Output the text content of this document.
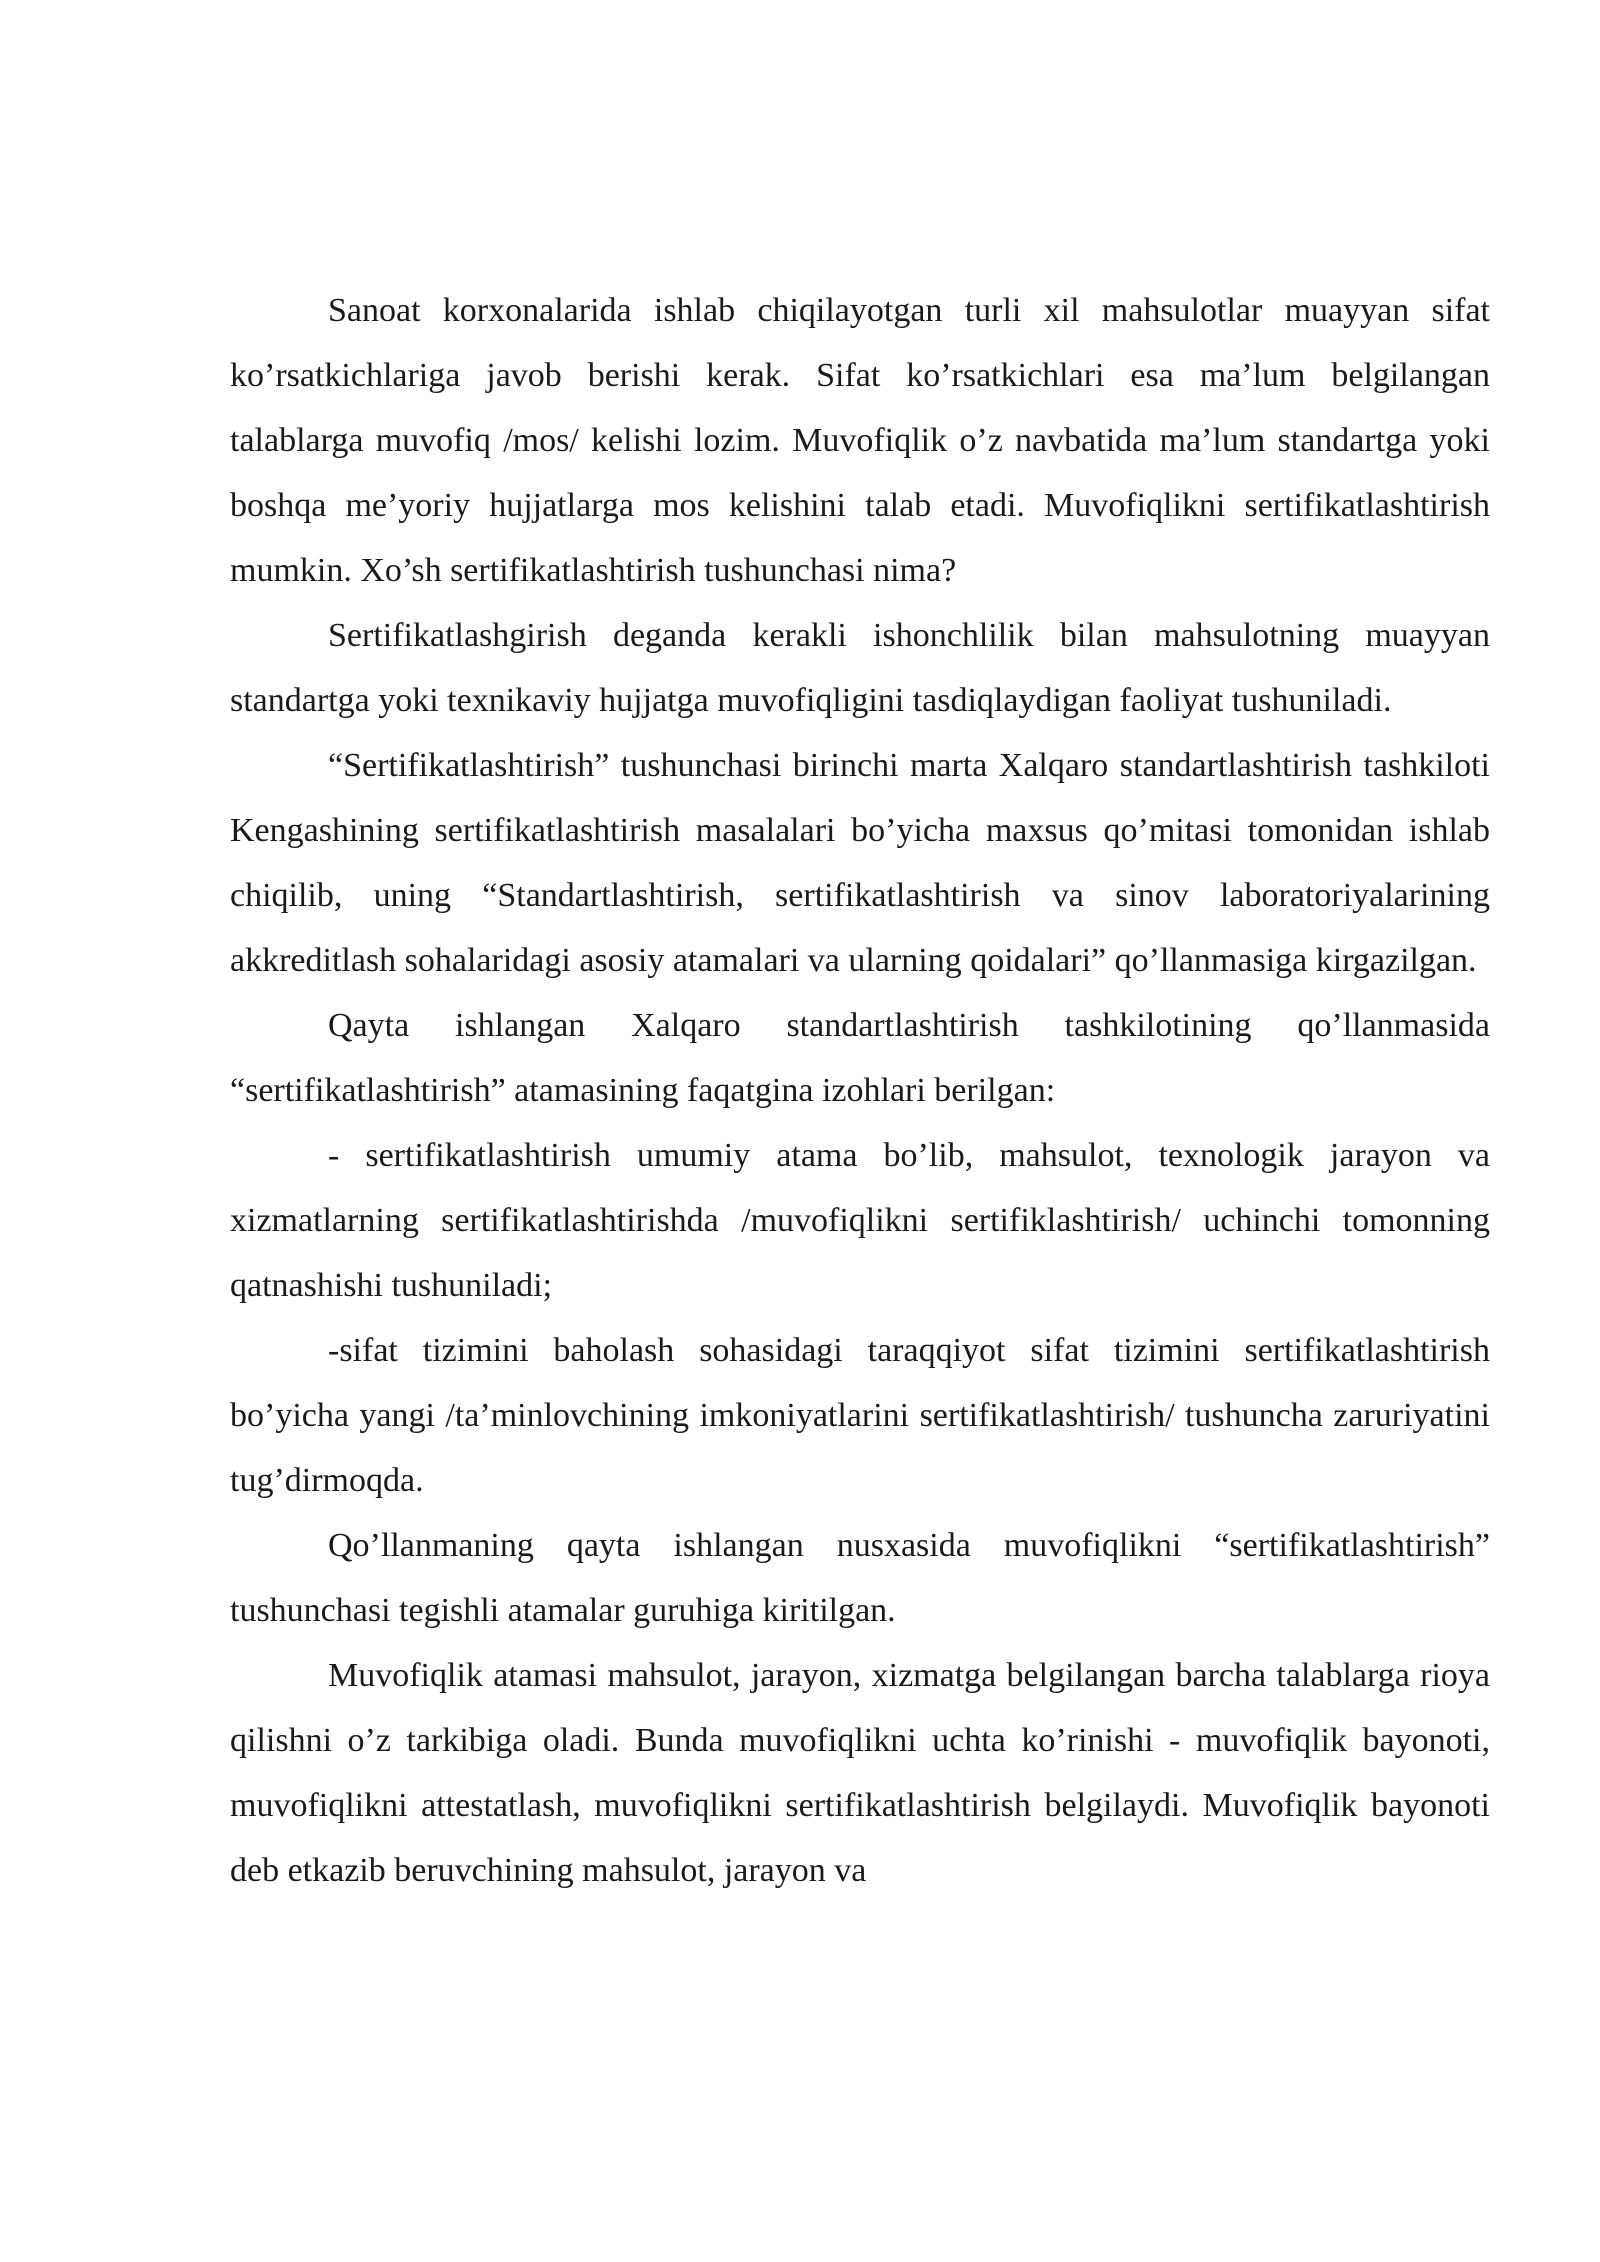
Sanoat korxonalarida ishlab chiqilayotgan turli xil mahsulotlar muayyan sifat ko’rsatkichlariga javob berishi kerak. Sifat ko’rsatkichlari esa ma’lum belgilangan talablarga muvofiq /mos/ kelishi lozim. Muvofiqlik o’z navbatida ma’lum standartga yoki boshqa me’yoriy hujjatlarga mos kelishini talab etadi. Muvofiqlikni sertifikatlashtirish mumkin. Xo’sh sertifikatlashtirish tushunchasi nima?

Sertifikatlashgirish deganda kerakli ishonchlilik bilan mahsulotning muayyan standartga yoki texnikaviy hujjatga muvofiqligini tasdiqlaydigan faoliyat tushuniladi.

“Sertifikatlashtirish” tushunchasi birinchi marta Xalqaro standartlashtirish tashkiloti Kengashining sertifikatlashtirish masalalari bo’yicha maxsus qo’mitasi tomonidan ishlab chiqilib, uning “Standartlashtirish, sertifikatlashtirish va sinov laboratoriyalarining akkreditlash sohalaridagi asosiy atamalari va ularning qoidalari” qo’llanmasiga kirgazilgan.

Qayta ishlangan Xalqaro standartlashtirish tashkilotining qo’llanmasida “sertifikatlashtirish” atamasining faqatgina izohlari berilgan:

- sertifikatlashtirish umumiy atama bo’lib, mahsulot, texnologik jarayon va xizmatlarning sertifikatlashtirishda /muvofiqlikni sertifiklashtirish/ uchinchi tomonning qatnashishi tushuniladi;

-sifat tizimini baholash sohasidagi taraqqiyot sifat tizimini sertifikatlashtirish bo’yicha yangi /ta’minlovchining imkoniyatlarini sertifikatlashtirish/ tushuncha zaruriyatini tug’dirmoqda.

Qo’llanmaning qayta ishlangan nusxasida muvofiqlikni “sertifikatlashtirish” tushunchasi tegishli atamalar guruhiga kiritilgan.

Muvofiqlik atamasi mahsulot, jarayon, xizmatga belgilangan barcha talablarga rioya qilishni o’z tarkibiga oladi. Bunda muvofiqlikni uchta ko’rinishi - muvofiqlik bayonoti, muvofiqlikni attestatlash, muvofiqlikni sertifikatlashtirish belgilaydi. Muvofiqlik bayonoti deb etkazib beruvchining mahsulot, jarayon va
